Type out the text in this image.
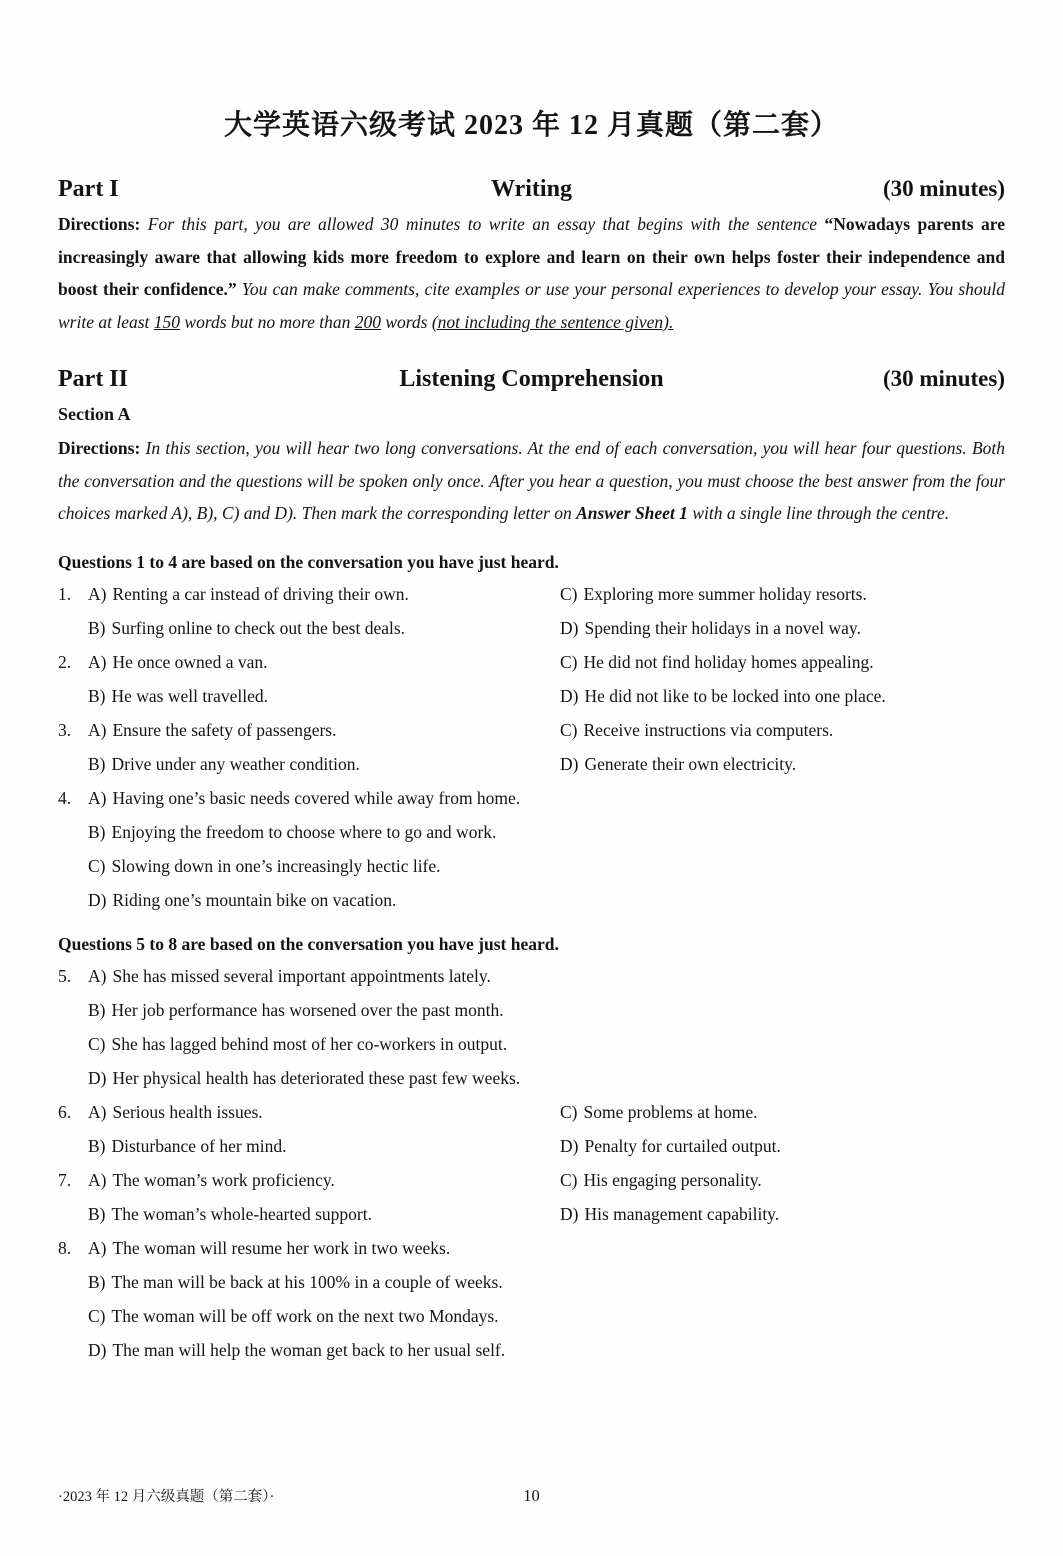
大学英语六级考试 2023 年 12 月真题（第二套）
Part I	Writing	(30 minutes)

Directions: For this part, you are allowed 30 minutes to write an essay that begins with the sentence “Nowadays parents are increasingly aware that allowing kids more freedom to explore and learn on their own helps foster their independence and boost their confidence.” You can make comments, cite examples or use your personal experiences to develop your essay. You should write at least 150 words but no more than 200 words (not including the sentence given).

Part II	Listening Comprehension	(30 minutes)
Section A

Directions: In this section, you will hear two long conversations. At the end of each conversation, you will hear four questions. Both the conversation and the questions will be spoken only once. After you hear a question, you must choose the best answer from the four choices marked A), B), C) and D). Then mark the corresponding letter on Answer Sheet 1 with a single line through the centre.

Questions 1 to 4 are based on the conversation you have just heard.
1. A) Renting a car instead of driving their own.
B) Surfing online to check out the best deals.
C) Exploring more summer holiday resorts.
D) Spending their holidays in a novel way.
2. A) He once owned a van.
B) He was well travelled.
C) He did not find holiday homes appealing.
D) He did not like to be locked into one place.
3. A) Ensure the safety of passengers.
B) Drive under any weather condition.
C) Receive instructions via computers.
D) Generate their own electricity.
4. A) Having one’s basic needs covered while away from home.
B) Enjoying the freedom to choose where to go and work.
C) Slowing down in one’s increasingly hectic life.
D) Riding one’s mountain bike on vacation.
Questions 5 to 8 are based on the conversation you have just heard.
5. A) She has missed several important appointments lately.
B) Her job performance has worsened over the past month.
C) She has lagged behind most of her co-workers in output.
D) Her physical health has deteriorated these past few weeks.
6. A) Serious health issues.
B) Disturbance of her mind.
C) Some problems at home.
D) Penalty for curtailed output.
7. A) The woman’s work proficiency.
B) The woman’s whole-hearted support.
C) His engaging personality.
D) His management capability.
8. A) The woman will resume her work in two weeks.
B) The man will be back at his 100% in a couple of weeks.
C) The woman will be off work on the next two Mondays.
D) The man will help the woman get back to her usual self.
·2023 年 12 月六级真题（第二套）·	10
